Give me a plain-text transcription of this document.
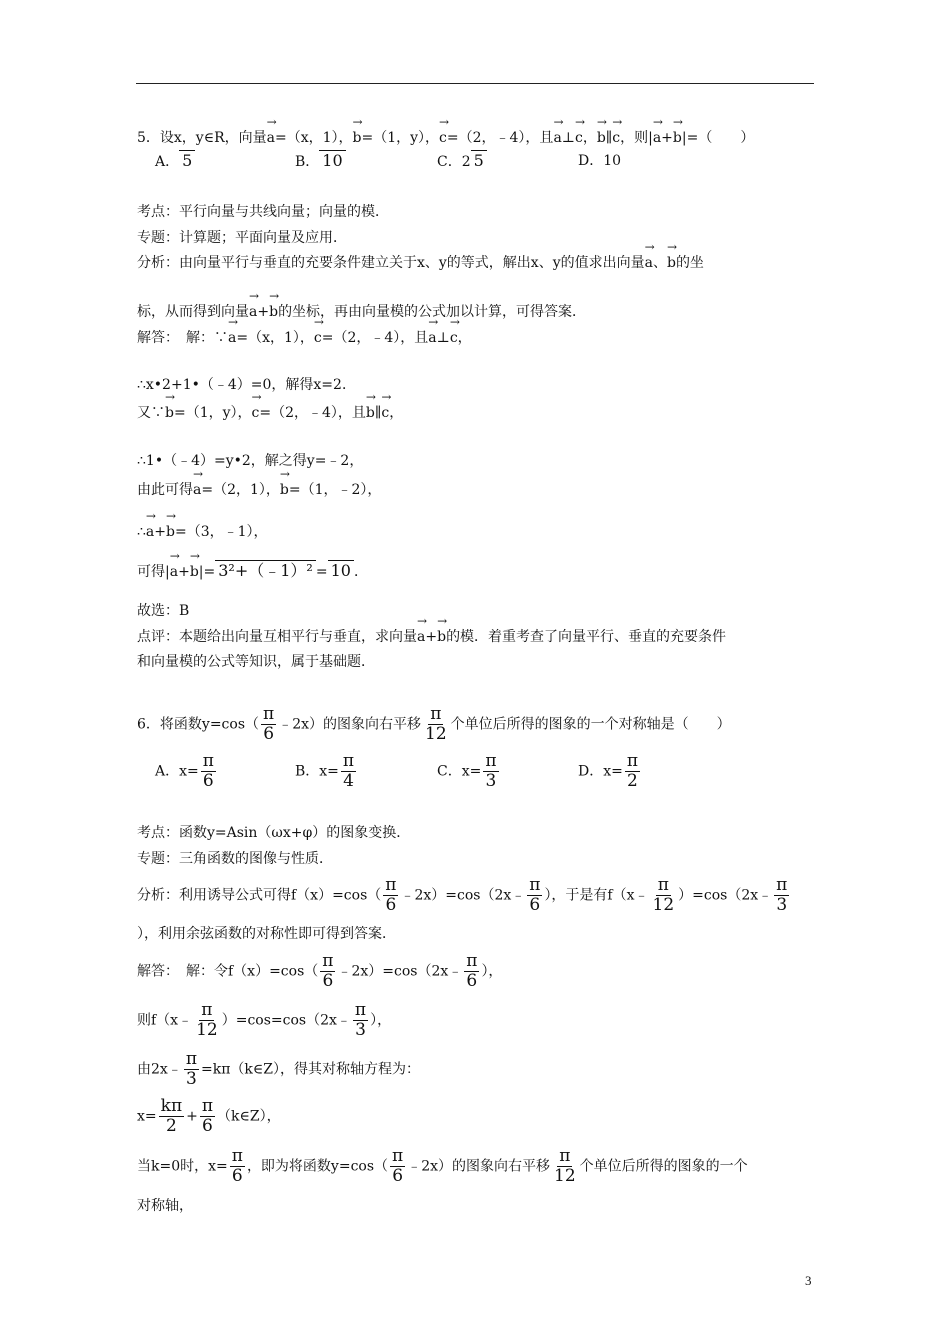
5．设x，y∈R，向量→ a=（x，1），→ b=（1，y），→ c=（2，﹣4），且→ a⊥→ c，→ b∥→ c，则|→ a+→ b|=（　　）
A． 5	B． 10	C．2 5	D．10
考点：平行向量与共线向量；向量的模．
专题：计算题；平面向量及应用．
分析：由向量平行与垂直的充要条件建立关于x、y的等式，解出x、y的值求出向量→ a、→ b的坐
标，从而得到向量→ a+→ b的坐标，再由向量模的公式加以计算，可得答案．
解答：　解：∵→ a=（x，1），→ c=（2，﹣4），且→ a⊥→ c，
∴x•2+1•（﹣4）=0，解得x=2．
又∵→ b=（1，y），→ c=（2，﹣4），且→ b∥→ c，
∴1•（﹣4）=y•2，解之得y=﹣2，
由此可得→ a=（2，1），→ b=（1，﹣2），
∴→ a+→ b=（3，﹣1），
可得|→ a+→ b|= 3²+（﹣1）² = 10 ．
故选：B
点评：本题给出向量互相平行与垂直，求向量→ a+→ b的模．着重考查了向量平行、垂直的充要条件
和向量模的公式等知识，属于基础题．
6．将函数$y=\cos( \frac{\pi}{6}$ ﹣2x）的图象向右平移 $\frac{\pi}{12}$ 个单位后所得的图象的一个对称轴是（　　）
A．$x= \frac{\pi}{6}$	B．$x= \frac{\pi}{4}$	C．$x= \frac{\pi}{3}$	D．$x= \frac{\pi}{2}$
考点：函数y=Asin（ωx+φ）的图象变换．
专题：三角函数的图像与性质．
分析：利用诱导公式可得$f(x)=\cos( \frac{\pi}{6}$ ﹣2x）=cos（2x﹣ $\frac{\pi}{6}$ ），于是有f（x﹣ $\frac{\pi}{12}$ ）=cos（2x﹣ $\frac{\pi}{3}$
），利用余弦函数的对称性即可得到答案．
解答：　解：令$f(x)=\cos( \frac{\pi}{6}$ ﹣2x）=cos（2x﹣ $\frac{\pi}{6}$ ），
则f（x﹣ $\frac{\pi}{12}$ ）=cos=cos（2x﹣ $\frac{\pi}{3}$ ），
由2x﹣ $\frac{\pi}{3}$ =kπ（k∈Z），得其对称轴方程为：
$x= \frac{k\pi}{2} + \frac{\pi}{6}$ （k∈Z），
当k=0时，$x= \frac{\pi}{6}$ ，即为将函数$y=\cos( \frac{\pi}{6}$ ﹣2x）的图象向右平移 $\frac{\pi}{12}$ 个单位后所得的图象的一个
对称轴，
3
